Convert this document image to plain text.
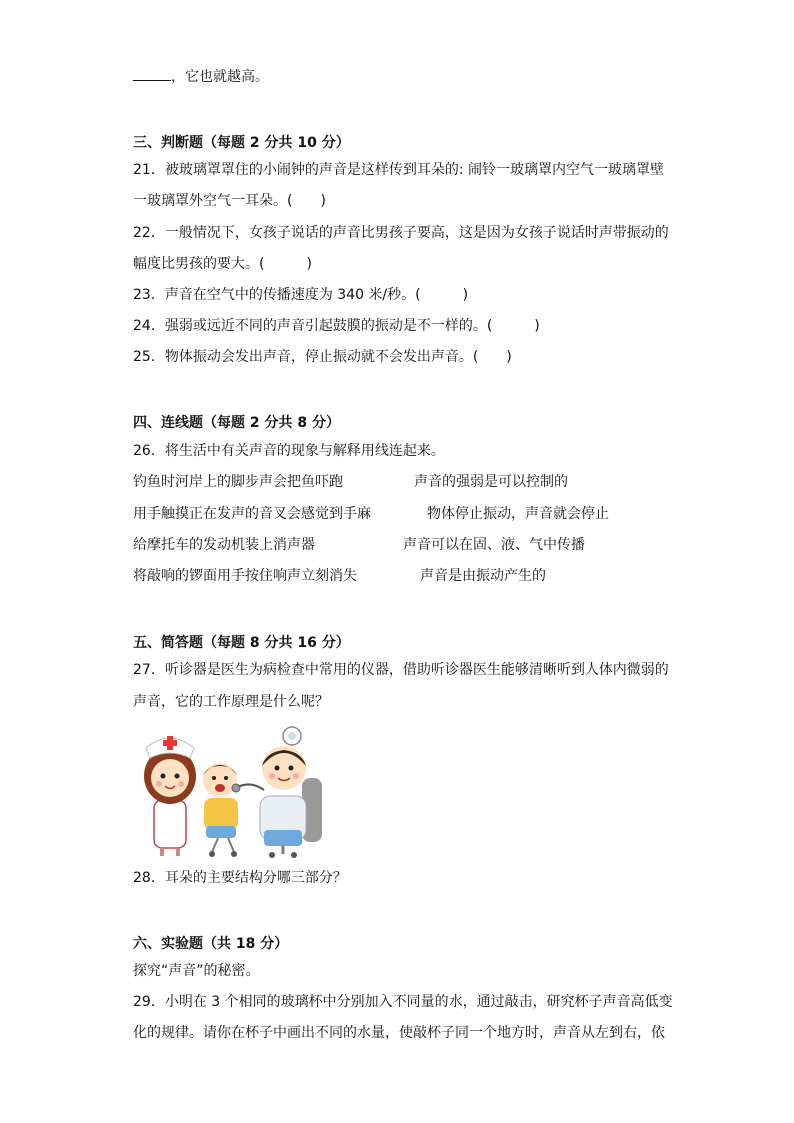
，它也就越高。
三、判断题（每题 2 分共 10 分）
21．被玻璃罩罩住的小闹钟的声音是这样传到耳朵的: 闹铃一玻璃罩内空气一玻璃罩壁
一玻璃罩外空气一耳朵。(　　)
22．一般情况下，女孩子说话的声音比男孩子要高，这是因为女孩子说话时声带振动的
幅度比男孩的要大。(　　　)
23．声音在空气中的传播速度为 340 米/秒。(　　　)
24．强弱或远近不同的声音引起鼓膜的振动是不一样的。(　　　)
25．物体振动会发出声音，停止振动就不会发出声音。(　　)
四、连线题（每题 2 分共 8 分）
26．将生活中有关声音的现象与解释用线连起来。
钓鱼时河岸上的脚步声会把鱼吓跑	声音的强弱是可以控制的
用手触摸正在发声的音叉会感觉到手麻	物体停止振动，声音就会停止
给摩托车的发动机装上消声器	声音可以在固、液、气中传播
将敲响的锣面用手按住响声立刻消失	声音是由振动产生的
五、简答题（每题 8 分共 16 分）
27．听诊器是医生为病检查中常用的仪器，借助听诊器医生能够清晰听到人体内微弱的
声音，它的工作原理是什么呢？
28．耳朵的主要结构分哪三部分？
六、实验题（共 18 分）
探究“声音”的秘密。
29．小明在 3 个相同的玻璃杯中分别加入不同量的水，通过敲击，研究杯子声音高低变
化的规律。请你在杯子中画出不同的水量，使敲杯子同一个地方时，声音从左到右，依
